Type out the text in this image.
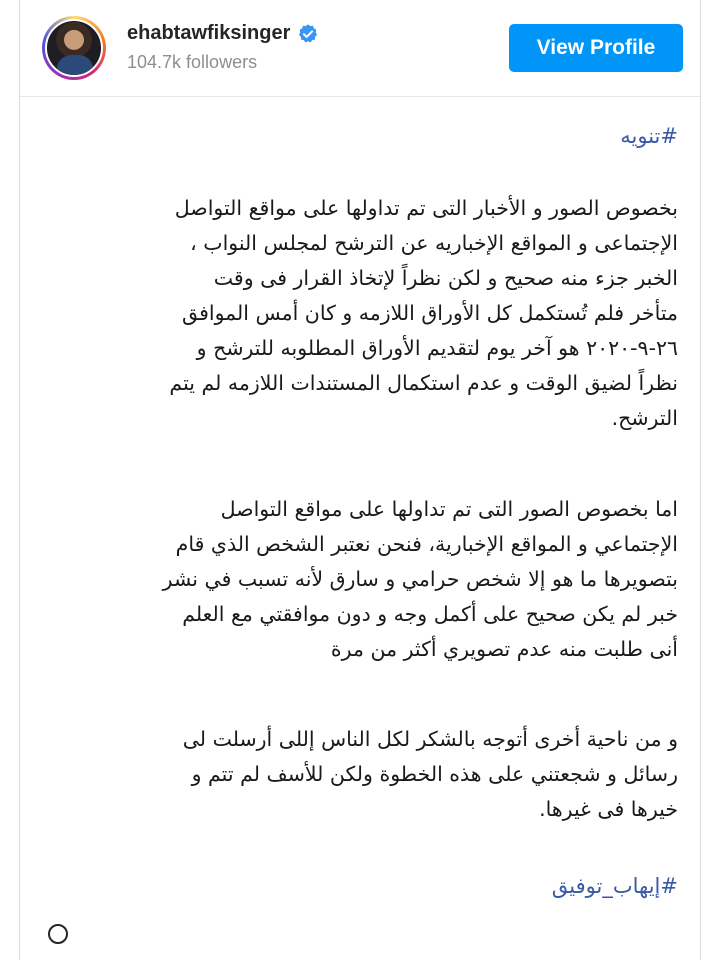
ehabtawfiksinger
104.7k followers
View Profile
#تنويه
بخصوص الصور و الأخبار التى تم تداولها على مواقع التواصل
الإجتماعى و المواقع الإخباريه عن الترشح لمجلس النواب ،
الخبر جزء منه صحيح و لكن نظراً لإتخاذ القرار فى وقت
متأخر فلم تُستكمل كل الأوراق اللازمه و كان أمس الموافق
٢٦-٩-٢٠٢٠ هو آخر يوم لتقديم الأوراق المطلوبه للترشح و
نظراً لضيق الوقت و عدم استكمال المستندات اللازمه لم يتم
الترشح.
اما بخصوص الصور التى تم تداولها على مواقع التواصل
الإجتماعي و المواقع الإخبارية، فنحن نعتبر الشخص الذي قام
بتصويرها ما هو إلا شخص حرامي و سارق لأنه تسبب في نشر
خبر لم يكن صحيح على أكمل وجه و دون موافقتي مع العلم
أنى طلبت منه عدم تصويري أكثر من مرة
و من ناحية أخرى أتوجه بالشكر لكل الناس إللى أرسلت لى
رسائل و شجعتني على هذه الخطوة ولكن للأسف لم تتم و
خيرها فى غيرها.
#إيهاب_توفيق
